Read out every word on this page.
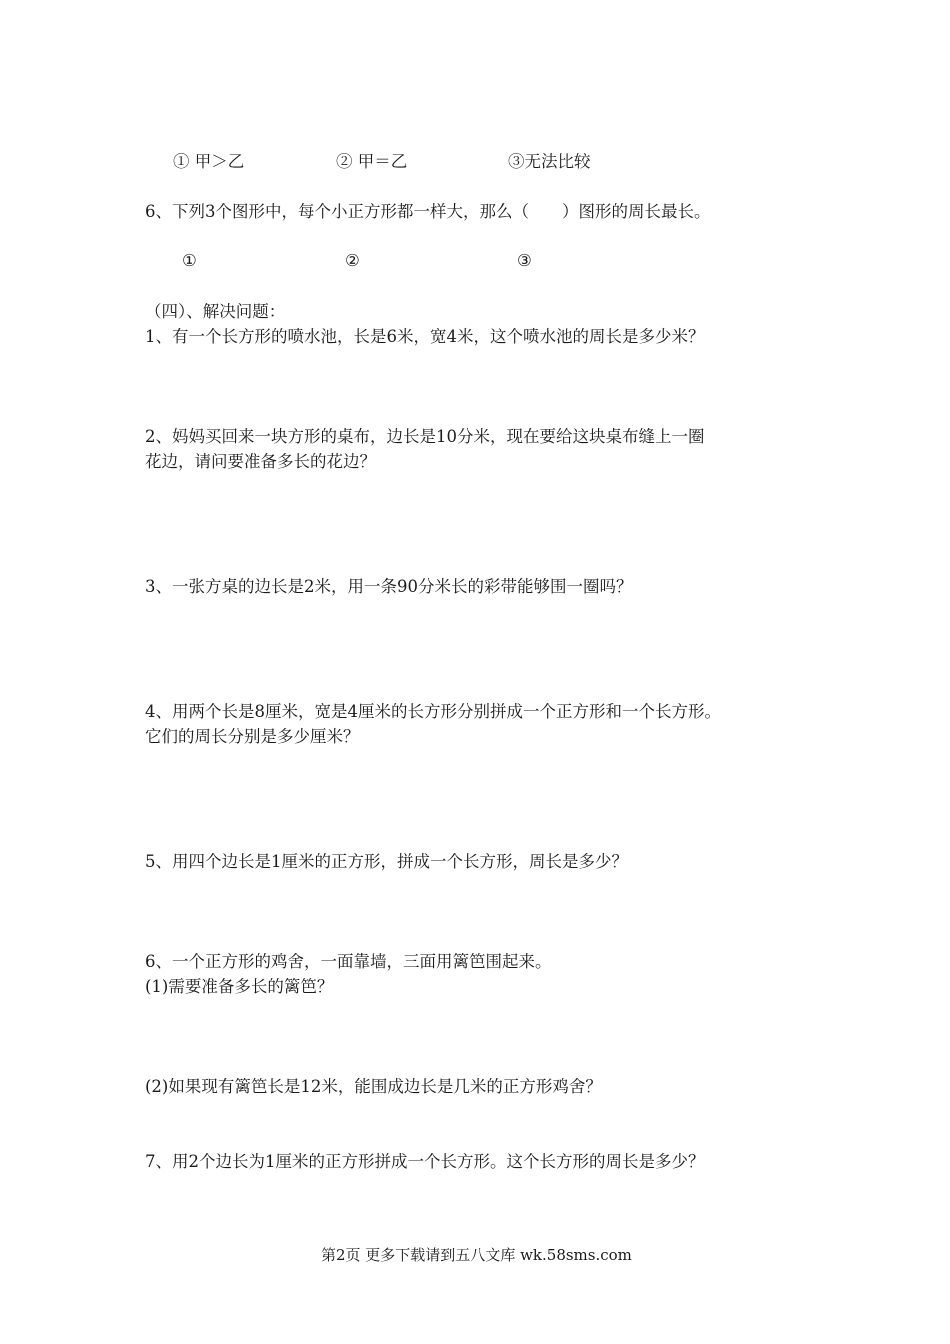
① 甲＞乙	② 甲＝乙	③无法比较
6、下列3个图形中，每个小正方形都一样大，那么（　　）图形的周长最长。
①	②	③
（四）、解决问题：
1、有一个长方形的喷水池，长是6米，宽4米，这个喷水池的周长是多少米？
2、妈妈买回来一块方形的桌布，边长是10分米，现在要给这块桌布缝上一圈
花边，请问要准备多长的花边？
3、一张方桌的边长是2米，用一条90分米长的彩带能够围一圈吗？
4、用两个长是8厘米，宽是4厘米的长方形分别拼成一个正方形和一个长方形。
它们的周长分别是多少厘米？
5、用四个边长是1厘米的正方形，拼成一个长方形，周长是多少？
6、一个正方形的鸡舍，一面靠墙，三面用篱笆围起来。
(1)需要准备多长的篱笆？
(2)如果现有篱笆长是12米，能围成边长是几米的正方形鸡舍？
7、用2个边长为1厘米的正方形拼成一个长方形。这个长方形的周长是多少？
第2页 更多下载请到五八文库 wk.58sms.com
